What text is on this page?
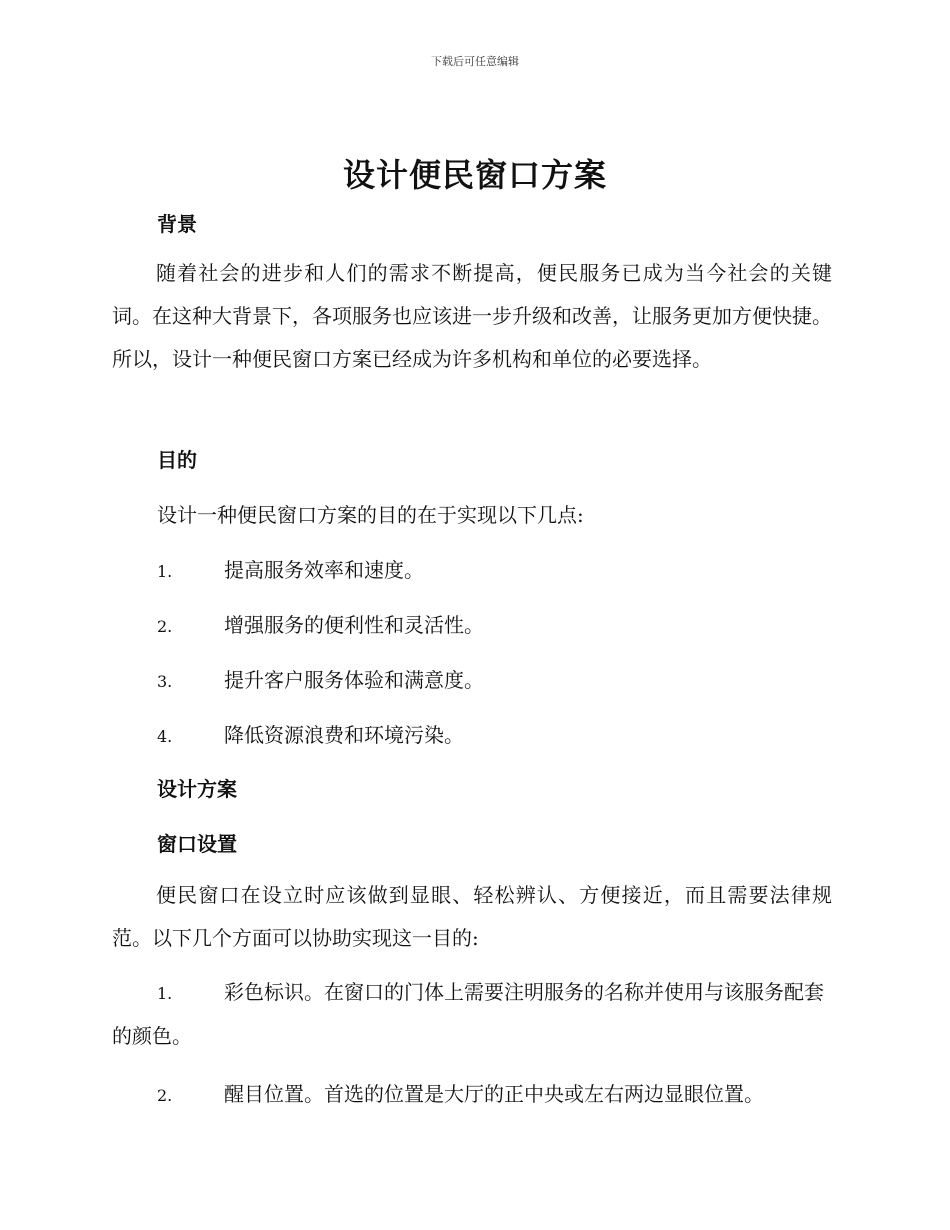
下载后可任意编辑
设计便民窗口方案
背景
随着社会的进步和人们的需求不断提高，便民服务已成为当今社会的关键词。在这种大背景下，各项服务也应该进一步升级和改善，让服务更加方便快捷。所以，设计一种便民窗口方案已经成为许多机构和单位的必要选择。
目的
设计一种便民窗口方案的目的在于实现以下几点:
1.	提高服务效率和速度。
2.	增强服务的便利性和灵活性。
3.	提升客户服务体验和满意度。
4.	降低资源浪费和环境污染。
设计方案
窗口设置
便民窗口在设立时应该做到显眼、轻松辨认、方便接近，而且需要法律规范。以下几个方面可以协助实现这一目的:
1.	彩色标识。在窗口的门体上需要注明服务的名称并使用与该服务配套的颜色。
2.	醒目位置。首选的位置是大厅的正中央或左右两边显眼位置。
